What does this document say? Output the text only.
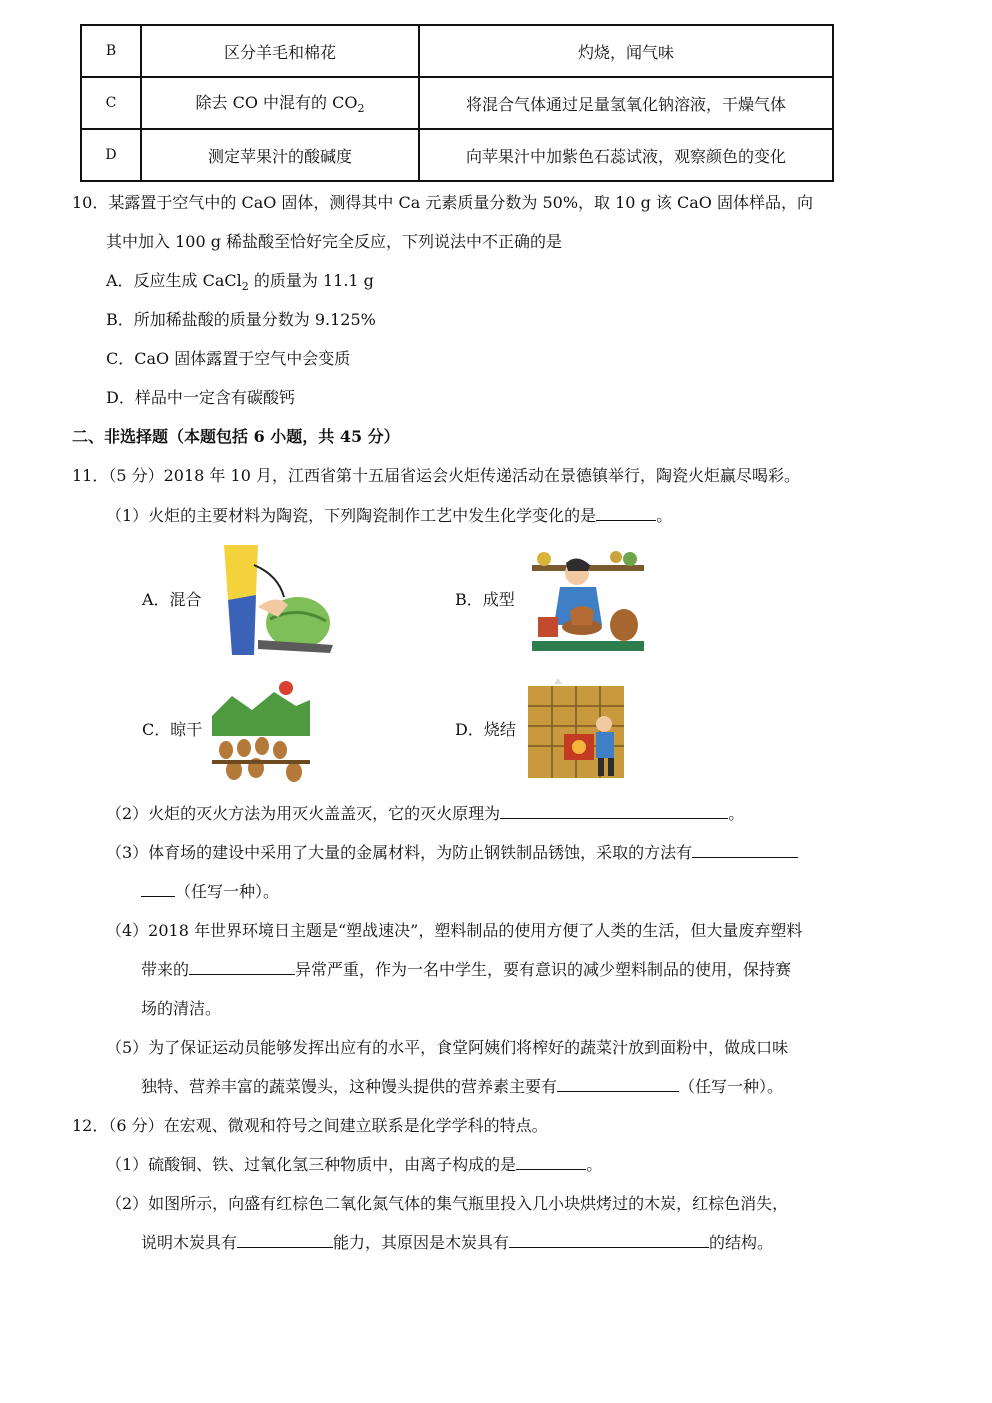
B	区分羊毛和棉花	灼烧，闻气味
C	除去 CO 中混有的 $CO_2$	将混合气体通过足量氢氧化钠溶液，干燥气体
D	测定苹果汁的酸碱度	向苹果汁中加紫色石蕊试液，观察颜色的变化
10．某露置于空气中的 CaO 固体，测得其中 Ca 元素质量分数为 50%，取 10 g 该 CaO 固体样品，向
其中加入 100 g 稀盐酸至恰好完全反应，下列说法中不正确的是
A．反应生成 CaCl$_2$ 的质量为 11.1 g
B．所加稀盐酸的质量分数为 9.125%
C．CaO 固体露置于空气中会变质
D．样品中一定含有碳酸钙
二、非选择题（本题包括 6 小题，共 45 分）
11．（5 分）2018 年 10 月，江西省第十五届省运会火炬传递活动在景德镇举行，陶瓷火炬赢尽喝彩。
（1）火炬的主要材料为陶瓷，下列陶瓷制作工艺中发生化学变化的是	。
A．混合	B．成型
C．晾干	D．烧结
（2）火炬的灭火方法为用灭火盖盖灭，它的灭火原理为	。
（3）体育场的建设中采用了大量的金属材料，为防止钢铁制品锈蚀，采取的方法有
（任写一种）。
（4）2018 年世界环境日主题是“塑战速决”，塑料制品的使用方便了人类的生活，但大量废弃塑料
带来的	异常严重，作为一名中学生，要有意识的减少塑料制品的使用，保持赛
场的清洁。
（5）为了保证运动员能够发挥出应有的水平，食堂阿姨们将榨好的蔬菜汁放到面粉中，做成口味
独特、营养丰富的蔬菜馒头，这种馒头提供的营养素主要有	（任写一种）。
12．（6 分）在宏观、微观和符号之间建立联系是化学学科的特点。
（1）硫酸铜、铁、过氧化氢三种物质中，由离子构成的是	。
（2）如图所示，向盛有红棕色二氧化氮气体的集气瓶里投入几小块烘烤过的木炭，红棕色消失，
说明木炭具有	能力，其原因是木炭具有	的结构。
